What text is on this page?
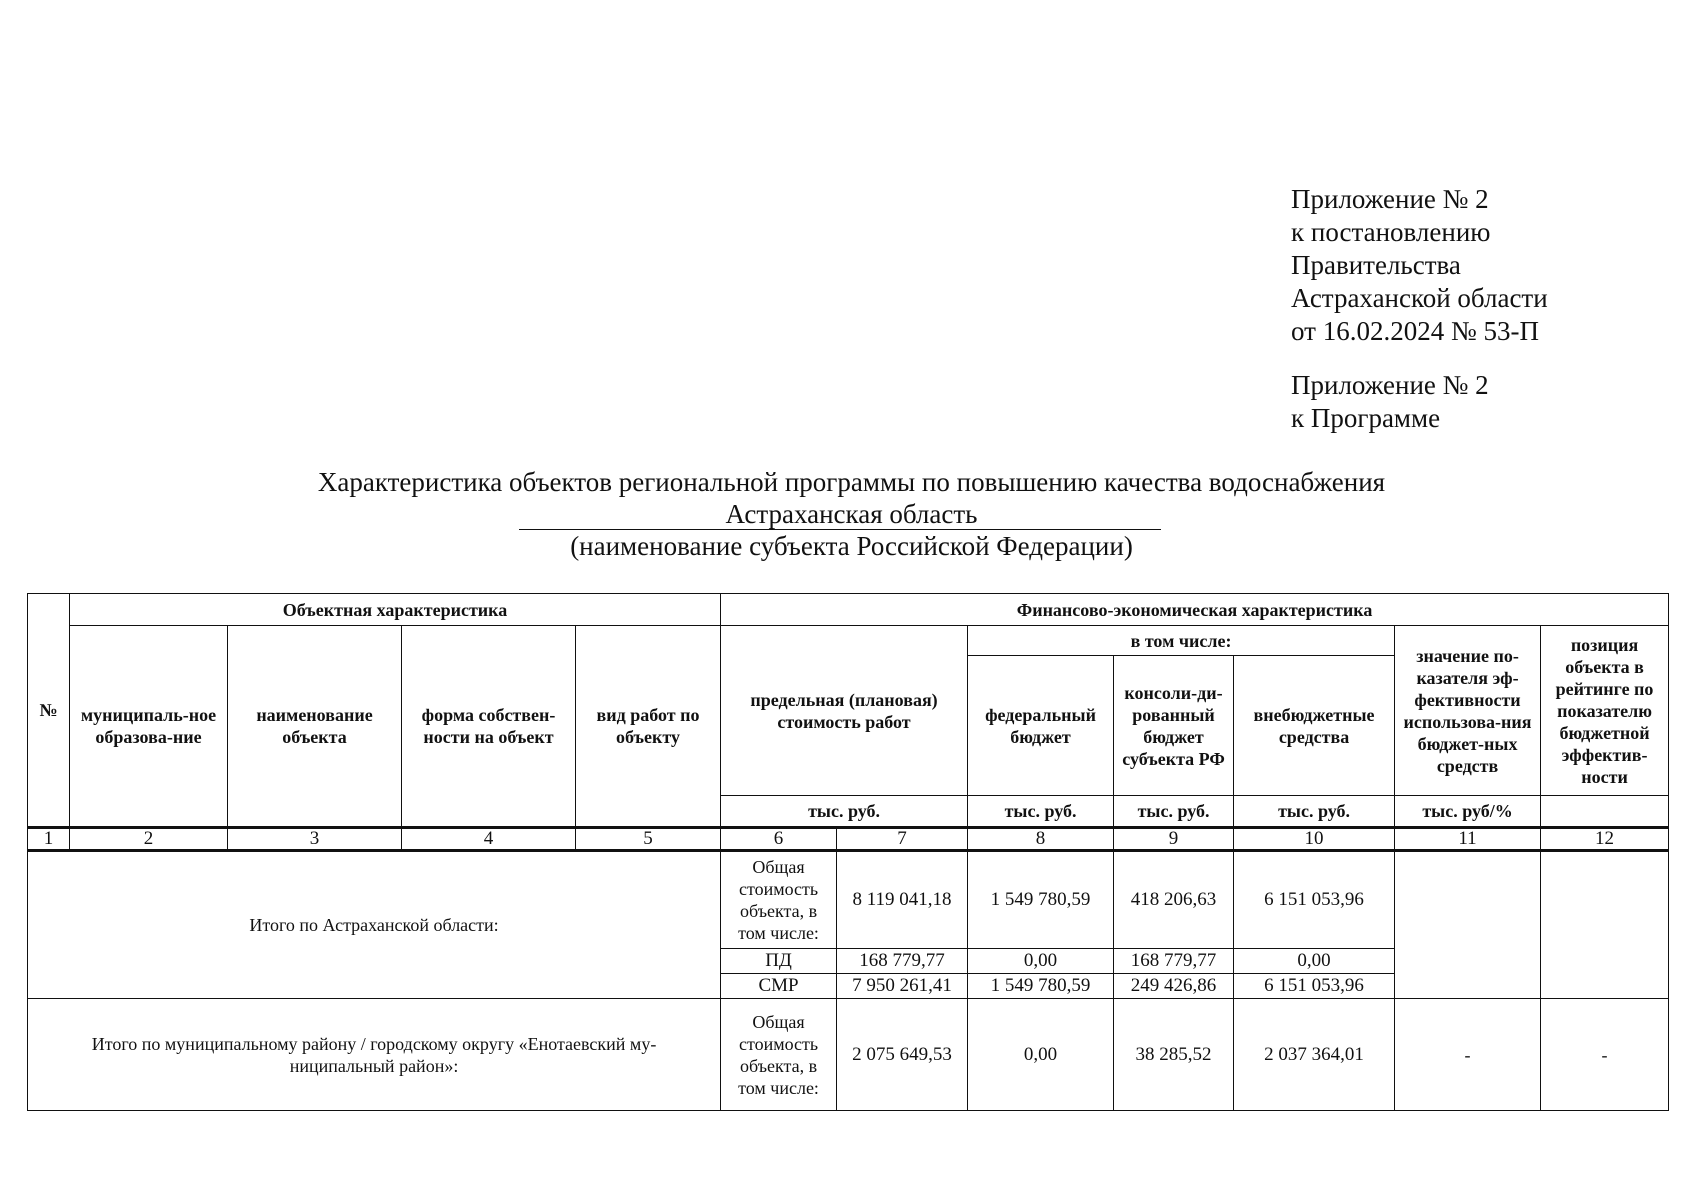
Приложение № 2
к постановлению
Правительства
Астраханской области
от 16.02.2024 № 53-П
Приложение № 2
к Программе
Характеристика объектов региональной программы по повышению качества водоснабжения
Астраханская область
(наименование субъекта Российской Федерации)
№	Объектная характеристика				Финансово-экономическая характеристика						
	муниципаль-ное образова-ние	наименование объекта	форма собствен-ности на объект	вид работ по объекту	предельная (плановая) стоимость работ		в том числе:			значение по-казателя эф-фективности использова-ния бюджет-ных средств	позиция объекта в рейтинге по показателю бюджетной эффектив-ности
							федеральный бюджет	консоли-ди-рованный бюджет субъекта РФ	внебюджетные средства		
					тыс. руб.		тыс. руб.	тыс. руб.	тыс. руб.	тыс. руб/%	
1	2	3	4	5	6	7	8	9	10	11	12
Итого по Астраханской области:					Общая стоимость объекта, в том числе:	8 119 041,18	1 549 780,59	418 206,63	6 151 053,96		
					ПД	168 779,77	0,00	168 779,77	0,00		
					СМР	7 950 261,41	1 549 780,59	249 426,86	6 151 053,96		
Итого по муниципальному району / городскому округу «Енотаевский му-ниципальный район»:					Общая стоимость объекта, в том числе:	2 075 649,53	0,00	38 285,52	2 037 364,01	-	-
